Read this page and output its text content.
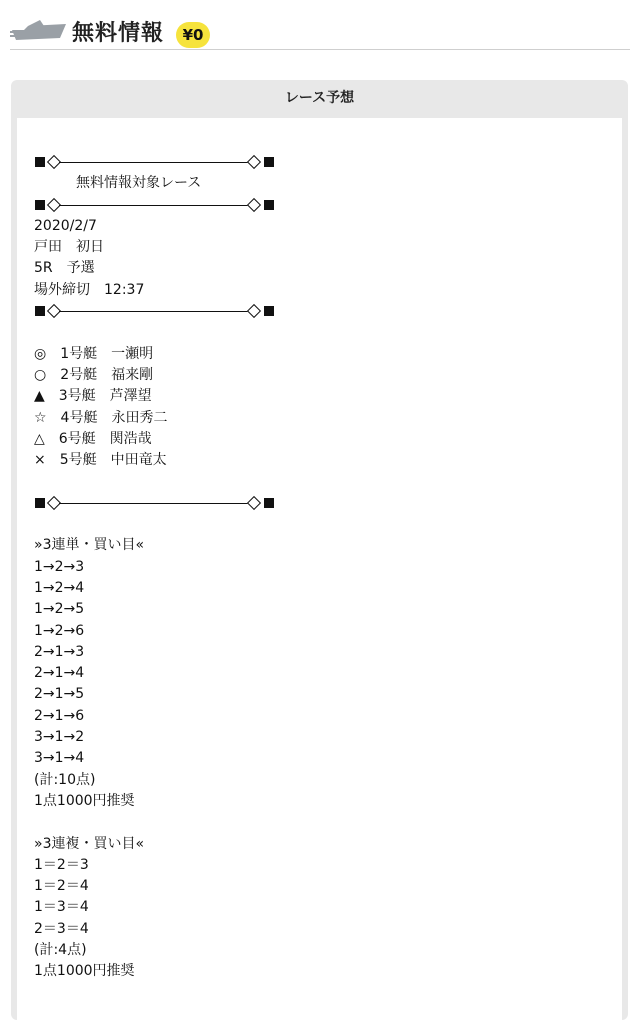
無料情報	¥0
レース予想
無料情報対象レース
2020/2/7
戸田　初日
5R　予選
場外締切　12:37
◎　1号艇　一瀬明
○　2号艇　福来剛
▲　3号艇　芦澤望
☆　4号艇　永田秀二
△　6号艇　関浩哉
×　5号艇　中田竜太
»3連単・買い目«
1→2→3
1→2→4
1→2→5
1→2→6
2→1→3
2→1→4
2→1→5
2→1→6
3→1→2
3→1→4
(計:10点)
1点1000円推奨
»3連複・買い目«
1＝2＝3
1＝2＝4
1＝3＝4
2＝3＝4
(計:4点)
1点1000円推奨
